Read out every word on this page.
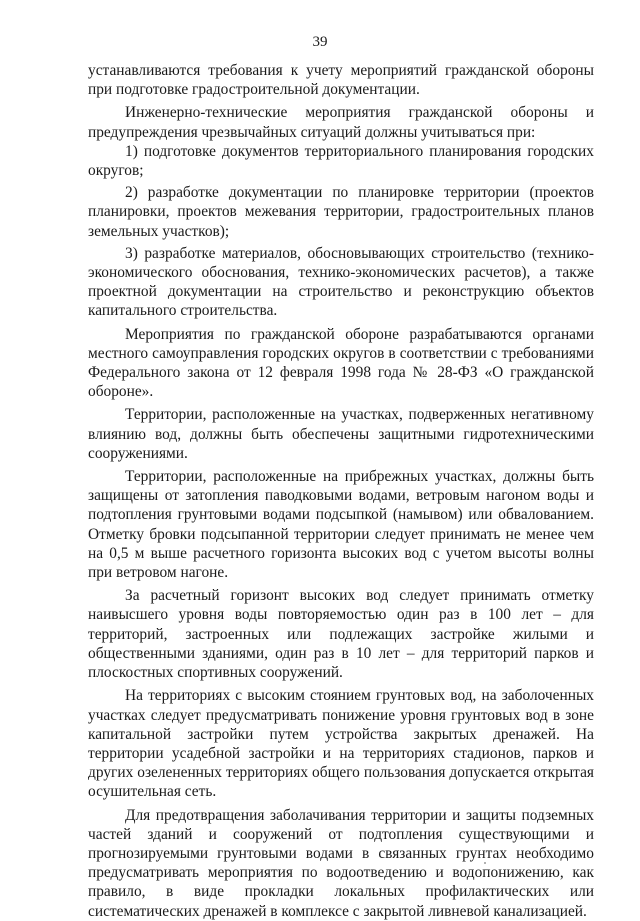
39

устанавливаются требования к учету мероприятий гражданской обороны при подготовке градостроительной документации.

Инженерно-технические мероприятия гражданской обороны и предупреждения чрезвычайных ситуаций должны учитываться при:

1) подготовке документов территориального планирования городских округов;

2) разработке документации по планировке территории (проектов планировки, проектов межевания территории, градостроительных планов земельных участков);

3) разработке материалов, обосновывающих строительство (технико-экономического обоснования, технико-экономических расчетов), а также проектной документации на строительство и реконструкцию объектов капитального строительства.

Мероприятия по гражданской обороне разрабатываются органами местного самоуправления городских округов в соответствии с требованиями Федерального закона от 12 февраля 1998 года № 28-ФЗ «О гражданской обороне».

Территории, расположенные на участках, подверженных негативному влиянию вод, должны быть обеспечены защитными гидротехническими сооружениями.

Территории, расположенные на прибрежных участках, должны быть защищены от затопления паводковыми водами, ветровым нагоном воды и подтопления грунтовыми водами подсыпкой (намывом) или обвалованием. Отметку бровки подсыпанной территории следует принимать не менее чем на 0,5 м выше расчетного горизонта высоких вод с учетом высоты волны при ветровом нагоне.

За расчетный горизонт высоких вод следует принимать отметку наивысшего уровня воды повторяемостью один раз в 100 лет – для территорий, застроенных или подлежащих застройке жилыми и общественными зданиями, один раз в 10 лет – для территорий парков и плоскостных спортивных сооружений.

На территориях с высоким стоянием грунтовых вод, на заболоченных участках следует предусматривать понижение уровня грунтовых вод в зоне капитальной застройки путем устройства закрытых дренажей. На территории усадебной застройки и на территориях стадионов, парков и других озелененных территориях общего пользования допускается открытая осушительная сеть.

Для предотвращения заболачивания территории и защиты подземных частей зданий и сооружений от подтопления существующими и прогнозируемыми грунтовыми водами в связанных грунтах необходимо предусматривать мероприятия по водоотведению и водопонижению, как правило, в виде прокладки локальных профилактических или систематических дренажей в комплексе с закрытой ливневой канализацией.
